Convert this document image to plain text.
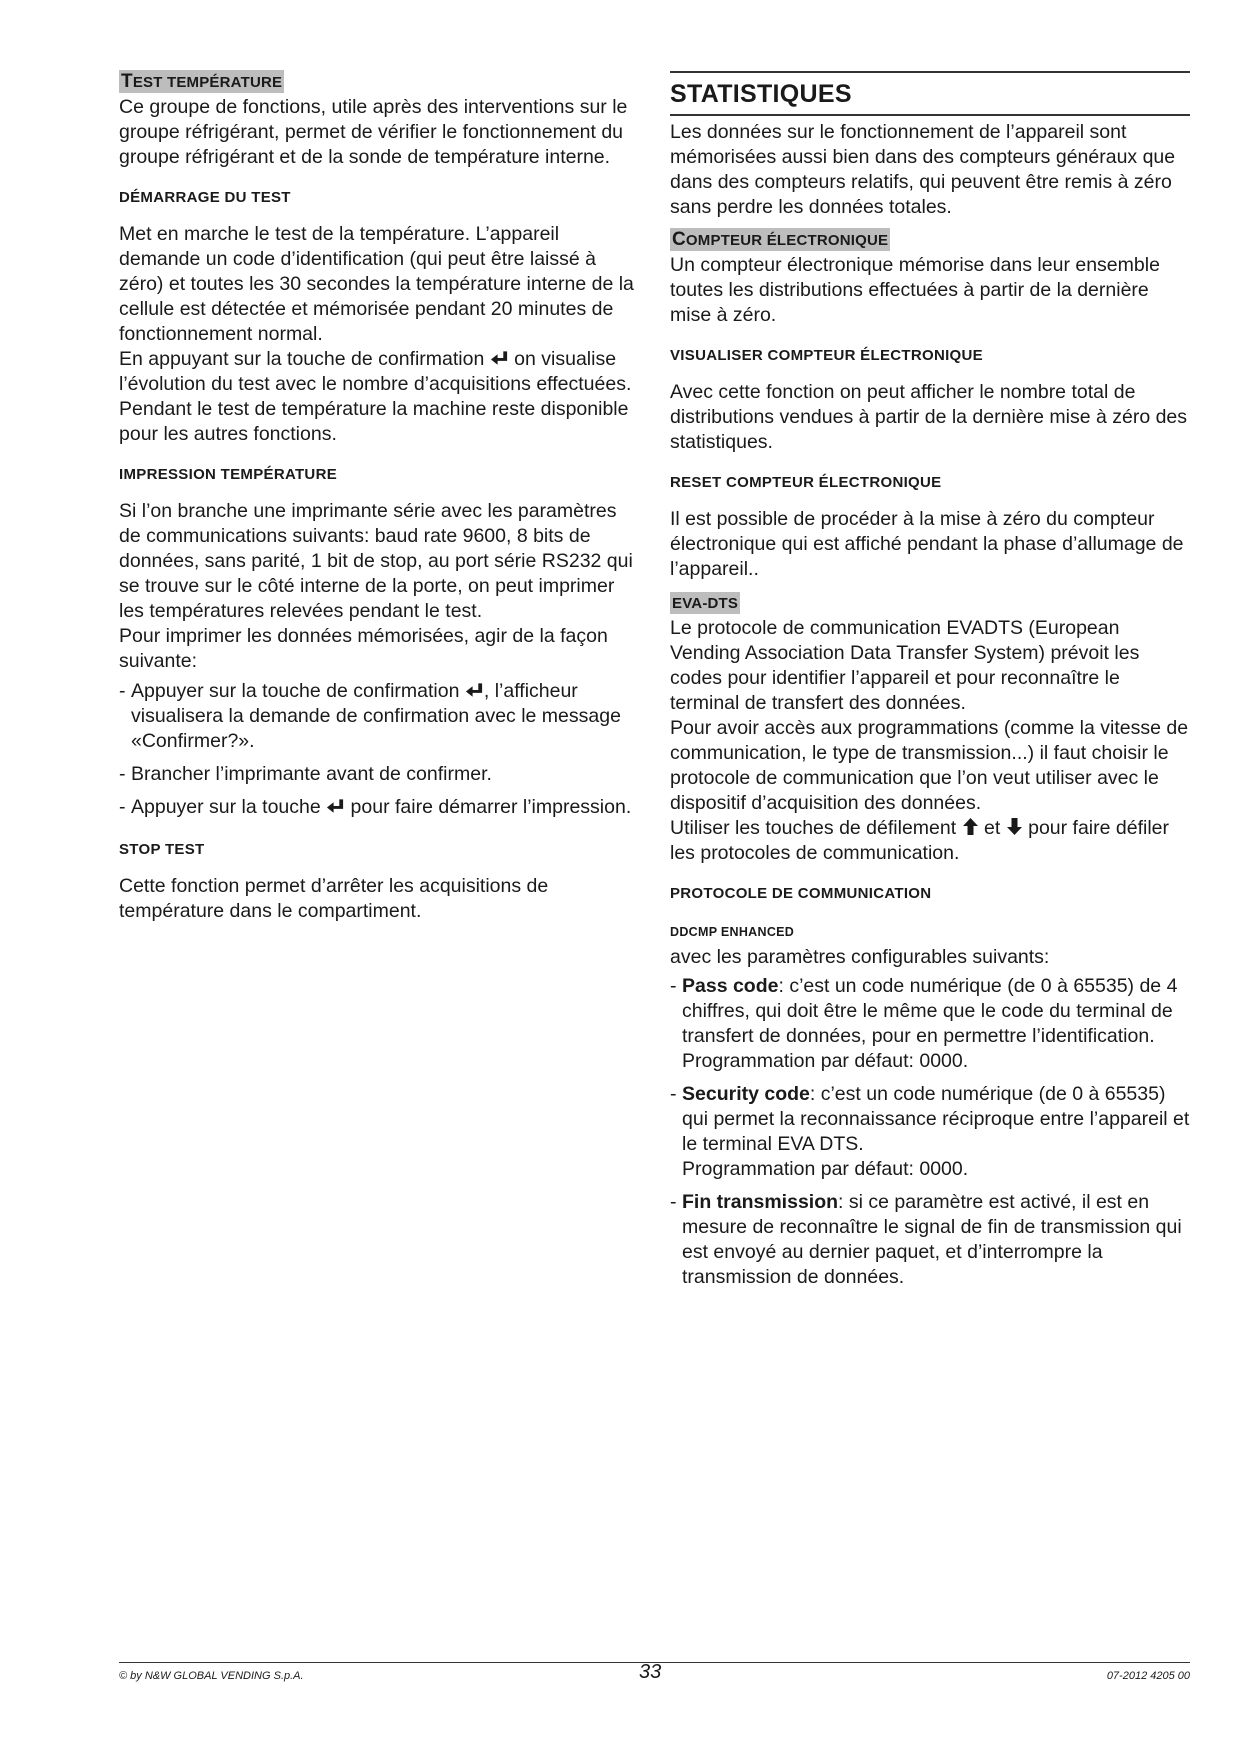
TEST TEMPÉRATURE

Ce groupe de fonctions, utile après des interventions sur le groupe réfrigérant, permet de vérifier le fonctionnement du groupe réfrigérant et de la sonde de température interne.

DÉMARRAGE DU TEST

Met en marche le test de la température. L’appareil demande un code d’identification (qui peut être laissé à zéro) et toutes les 30 secondes la température interne de la cellule est détectée et mémorisée pendant 20 minutes de fonctionnement normal.

En appuyant sur la touche de confirmation on visualise l’évolution du test avec le nombre d’acquisitions effectuées.

Pendant le test de température la machine reste disponible pour les autres fonctions.

IMPRESSION TEMPÉRATURE

Si l’on branche une imprimante série avec les paramètres de communications suivants: baud rate 9600, 8 bits de données, sans parité, 1 bit de stop, au port série RS232 qui se trouve sur le côté interne de la porte, on peut imprimer les températures relevées pendant le test.

Pour imprimer les données mémorisées, agir de la façon suivante:

- Appuyer sur la touche de confirmation , l’afficheur visualisera la demande de confirmation avec le message «Confirmer?».
- Brancher l’imprimante avant de confirmer.
- Appuyer sur la touche pour faire démarrer l’impression.

STOP TEST

Cette fonction permet d’arrêter les acquisitions de température dans le compartiment.

STATISTIQUES

Les données sur le fonctionnement de l’appareil sont mémorisées aussi bien dans des compteurs généraux que dans des compteurs relatifs, qui peuvent être remis à zéro sans perdre les données totales.

COMPTEUR ÉLECTRONIQUE

Un compteur électronique mémorise dans leur ensemble toutes les distributions effectuées à partir de la dernière mise à zéro.

VISUALISER COMPTEUR ÉLECTRONIQUE

Avec cette fonction on peut afficher le nombre total de distributions vendues à partir de la dernière mise à zéro des statistiques.

RESET COMPTEUR ÉLECTRONIQUE

Il est possible de procéder à la mise à zéro du compteur électronique qui est affiché pendant la phase d’allumage de l’appareil..

EVA-DTS

Le protocole de communication EVADTS (European Vending Association Data Transfer System) prévoit les codes pour identifier l’appareil et pour reconnaître le terminal de transfert des données.

Pour avoir accès aux programmations (comme la vitesse de communication, le type de transmission...) il faut choisir le protocole de communication que l’on veut utiliser avec le dispositif d’acquisition des données.

Utiliser les touches de défilement et pour faire défiler les protocoles de communication.

PROTOCOLE DE COMMUNICATION

DDCMP ENHANCED

avec les paramètres configurables suivants:

- Pass code: c’est un code numérique (de 0 à 65535) de 4 chiffres, qui doit être le même que le code du terminal de transfert de données, pour en permettre l’identification.
Programmation par défaut: 0000.
- Security code: c’est un code numérique (de 0 à 65535) qui permet la reconnaissance réciproque entre l’appareil et le terminal EVA DTS.
Programmation par défaut: 0000.
- Fin transmission: si ce paramètre est activé, il est en mesure de reconnaître le signal de fin de transmission qui est envoyé au dernier paquet, et d’interrompre la transmission de données.
© by N&W GLOBAL VENDING S.p.A.	33	07-2012 4205 00
